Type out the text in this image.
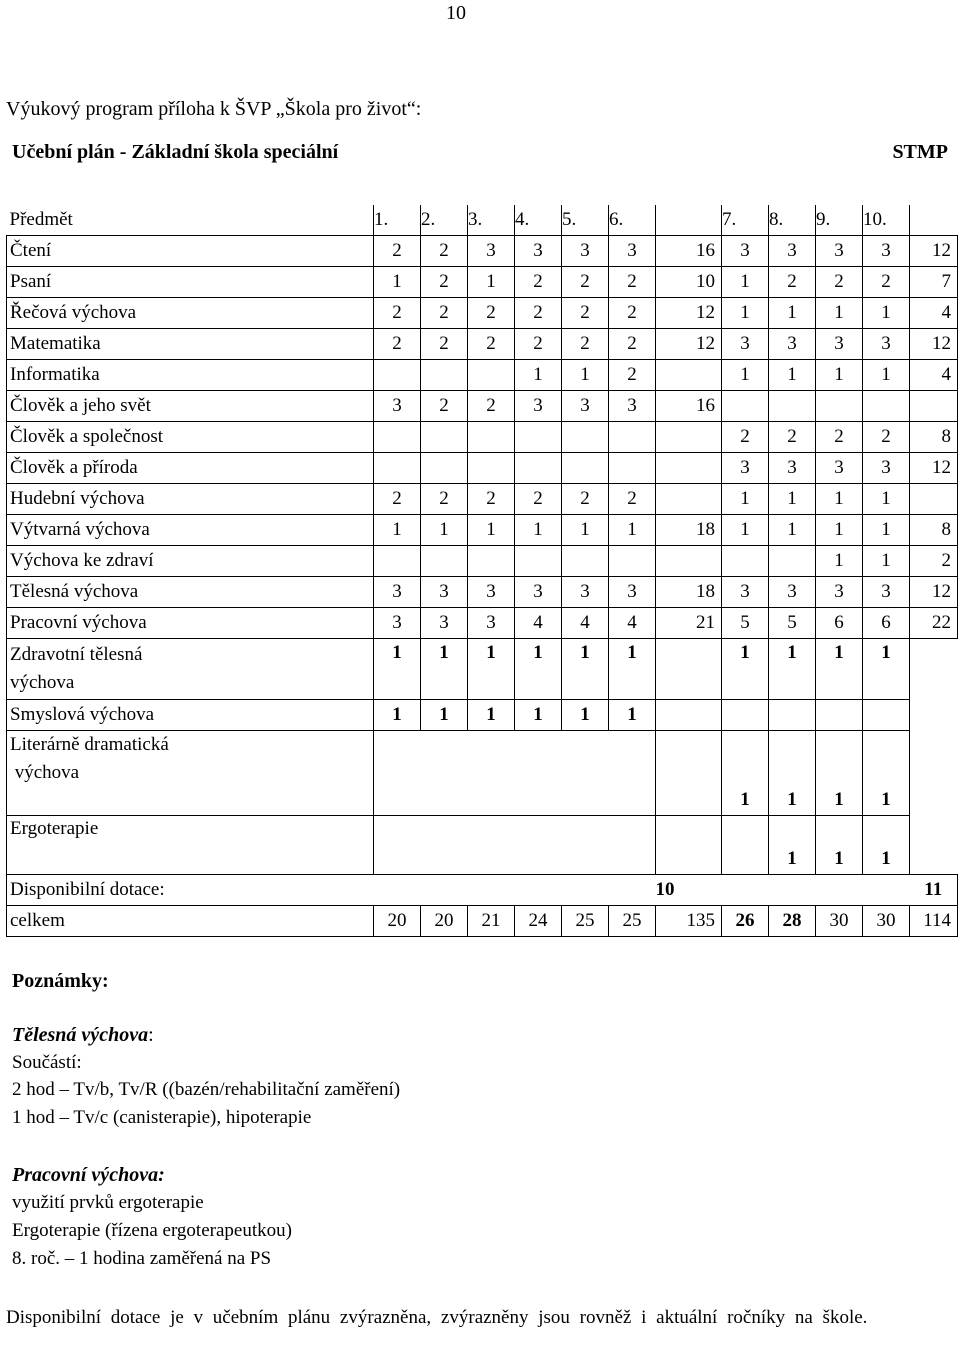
10
Výukový program příloha k ŠVP „Škola pro život“:
Učební plán - Základní škola speciální	STMP
Předmět	1.	2.	3.	4.	5.	6.		7.	8.	9.	10.	
Čtení	2	2	3	3	3	3	16	3	3	3	3	12
Psaní	1	2	1	2	2	2	10	1	2	2	2	7
Řečová výchova	2	2	2	2	2	2	12	1	1	1	1	4
Matematika	2	2	2	2	2	2	12	3	3	3	3	12
Informatika				1	1	2		1	1	1	1	4
Člověk a jeho svět	3	2	2	3	3	3	16					
Člověk a společnost								2	2	2	2	8
Člověk a příroda								3	3	3	3	12
Hudební výchova	2	2	2	2	2	2		1	1	1	1	
Výtvarná výchova	1	1	1	1	1	1	18	1	1	1	1	8
Výchova ke zdraví										1	1	2
Tělesná výchova	3	3	3	3	3	3	18	3	3	3	3	12
Pracovní výchova	3	3	3	4	4	4	21	5	5	6	6	22
Zdravotní tělesná
výchova	1	1	1	1	1	1		1	1	1	1	
Smyslová výchova	1	1	1	1	1	1						
Literárně dramatická
výchova								1	1	1	1	
Ergoterapie									1	1	1	
Disponibilní dotace:							10					11
celkem	20	20	21	24	25	25	135	26	28	30	30	114
Poznámky:
Tělesná výchova:
Součástí:
2 hod – Tv/b, Tv/R ((bazén/rehabilitační zaměření)
1 hod – Tv/c (canisterapie), hipoterapie
Pracovní výchova:
využití prvků ergoterapie
Ergoterapie (řízena ergoterapeutkou)
8. roč. – 1 hodina zaměřená na PS
Disponibilní dotace je v učebním plánu zvýrazněna, zvýrazněny jsou rovněž i aktuální ročníky na škole.
